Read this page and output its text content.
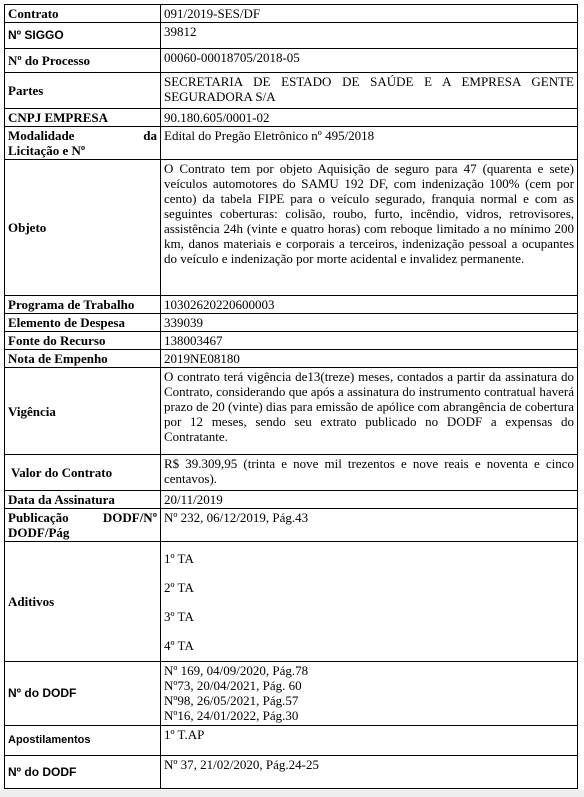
Contrato	091/2019-SES/DF
Nº SIGGO	39812
Nº do Processo	00060-00018705/2018-05
Partes	SECRETARIA DE ESTADO DE SAÚDE E A EMPRESA GENTE SEGURADORA S/A
CNPJ EMPRESA	90.180.605/0001-02

Modalidade da
Licitação e Nº	Edital do Pregão Eletrônico nº 495/2018
Objeto	O Contrato tem por objeto Aquisição de seguro para 47 (quarenta e sete) veículos automotores do SAMU 192 DF, com indenização 100% (cem por cento) da tabela FIPE para o veículo segurado, franquia normal e com as seguintes coberturas: colisão, roubo, furto, incêndio, vidros, retrovisores, assistência 24h (vinte e quatro horas) com reboque limitado a no mínimo 200 km, danos materiais e corporais a terceiros, indenização pessoal a ocupantes do veículo e indenização por morte acidental e invalidez permanente.
Programa de Trabalho	10302620220600003
Elemento de Despesa	339039
Fonte do Recurso	138003467
Nota de Empenho	2019NE08180
Vigência	O contrato terá vigência de13(treze) meses, contados a partir da assinatura do Contrato, considerando que após a assinatura do instrumento contratual haverá prazo de 20 (vinte) dias para emissão de apólice com abrangência de cobertura por 12 meses, sendo seu extrato publicado no DODF a expensas do Contratante.
Valor do Contrato	R$ 39.309,95 (trinta e nove mil trezentos e nove reais e noventa e cinco centavos).
Data da Assinatura	20/11/2019

Publicação DODF/Nº
DODF/Pág	Nº 232, 06/12/2019, Pág.43
Aditivos	1º TA
2º TA
3º TA
4º TA

Nº do DODF	Nº 169, 04/09/2020, Pág.78
Nº73, 20/04/2021, Pág. 60
Nº98, 26/05/2021, Pág.57
Nº16, 24/01/2022, Pág.30

Apostilamentos	1º T.AP
Nº do DODF	Nº 37, 21/02/2020, Pág.24-25
